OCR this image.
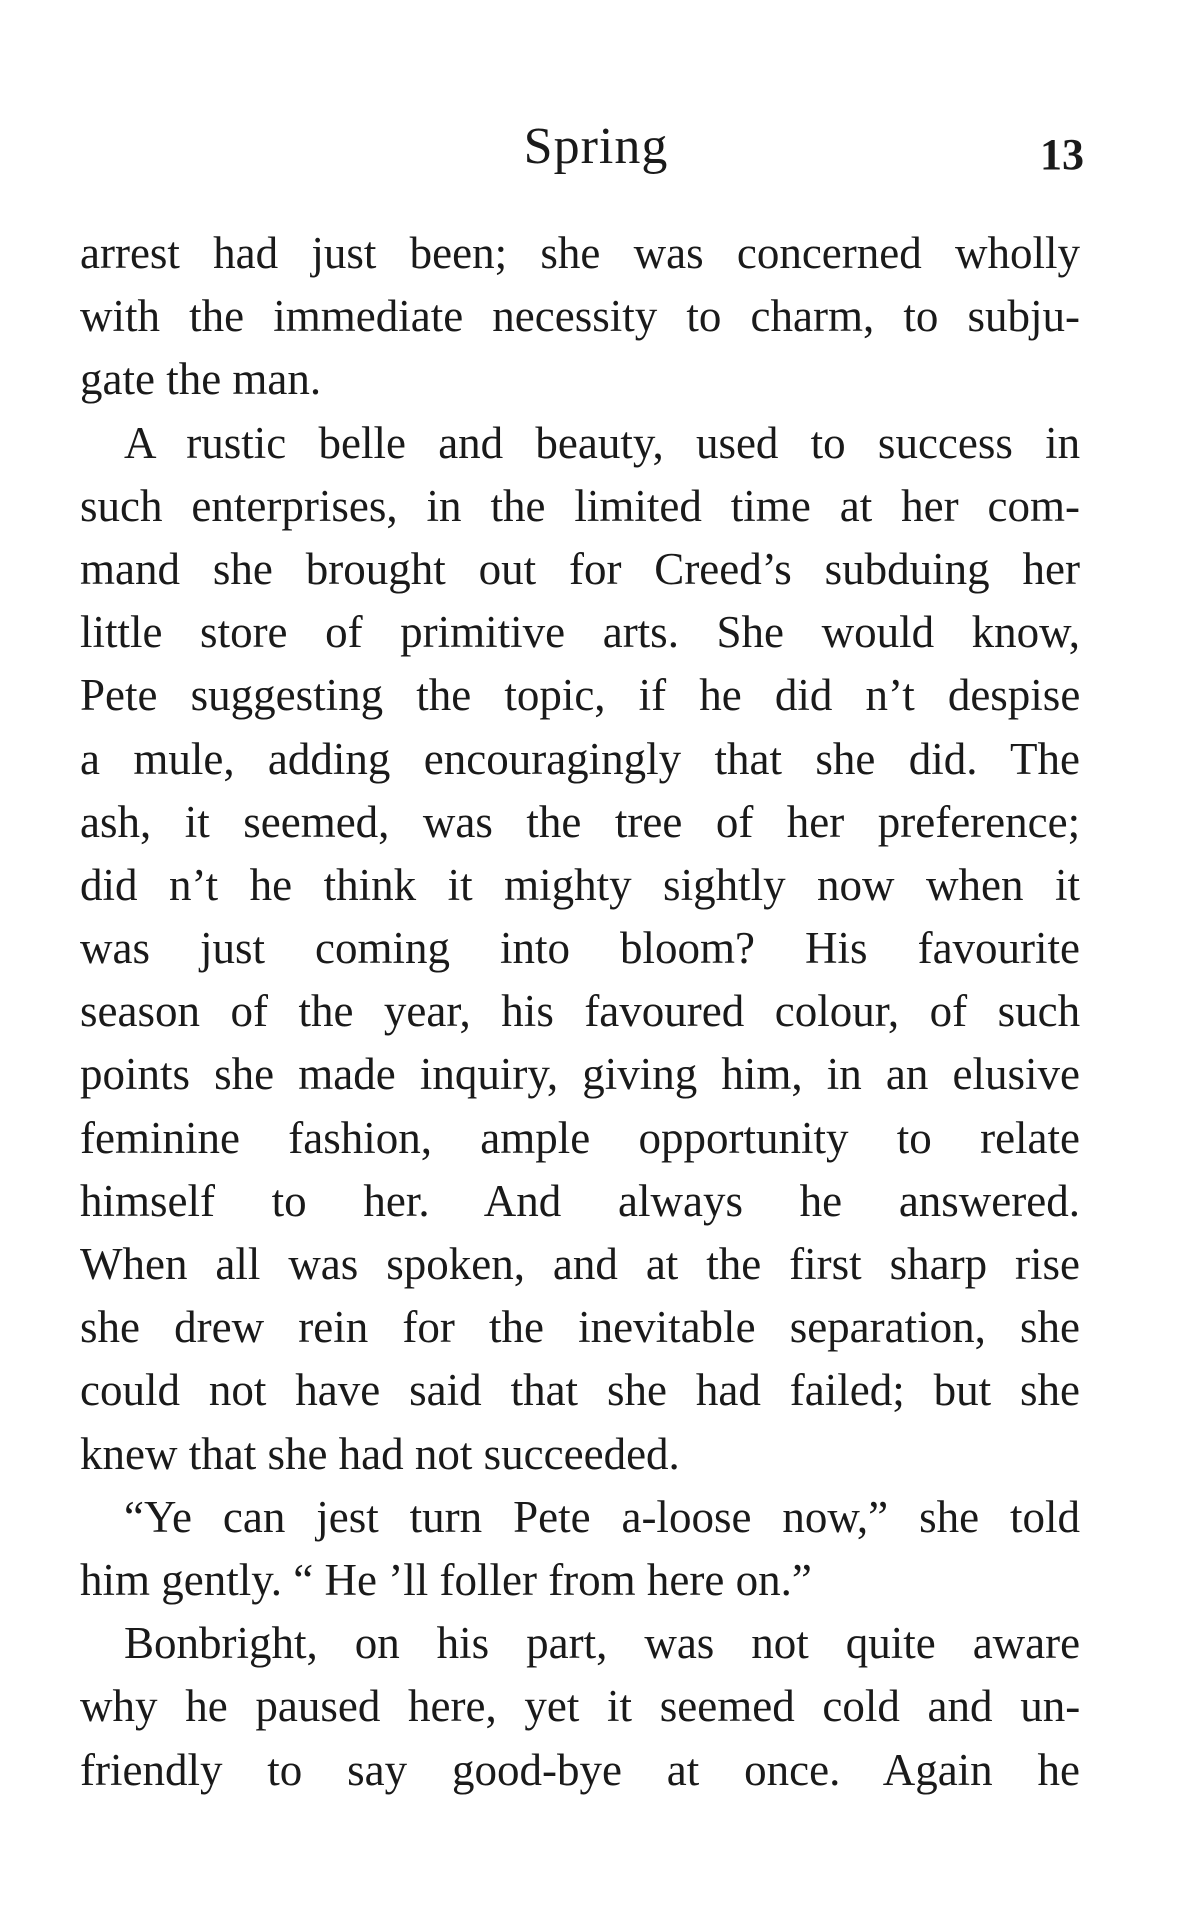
Spring	13
arrest had just been; she was concerned wholly
with the immediate necessity to charm, to subju-
gate the man.
A rustic belle and beauty, used to success in
such enterprises, in the limited time at her com-
mand she brought out for Creed’s subduing her
little store of primitive arts. She would know,
Pete suggesting the topic, if he did n’t despise
a mule, adding encouragingly that she did. The
ash, it seemed, was the tree of her preference;
did n’t he think it mighty sightly now when it
was just coming into bloom? His favourite
season of the year, his favoured colour, of such
points she made inquiry, giving him, in an elusive
feminine fashion, ample opportunity to relate
himself to her. And always he answered.
When all was spoken, and at the first sharp rise
she drew rein for the inevitable separation, she
could not have said that she had failed; but she
knew that she had not succeeded.
“Ye can jest turn Pete a-loose now,” she told
him gently. “ He ’ll foller from here on.”
Bonbright, on his part, was not quite aware
why he paused here, yet it seemed cold and un-
friendly to say good-bye at once. Again he
